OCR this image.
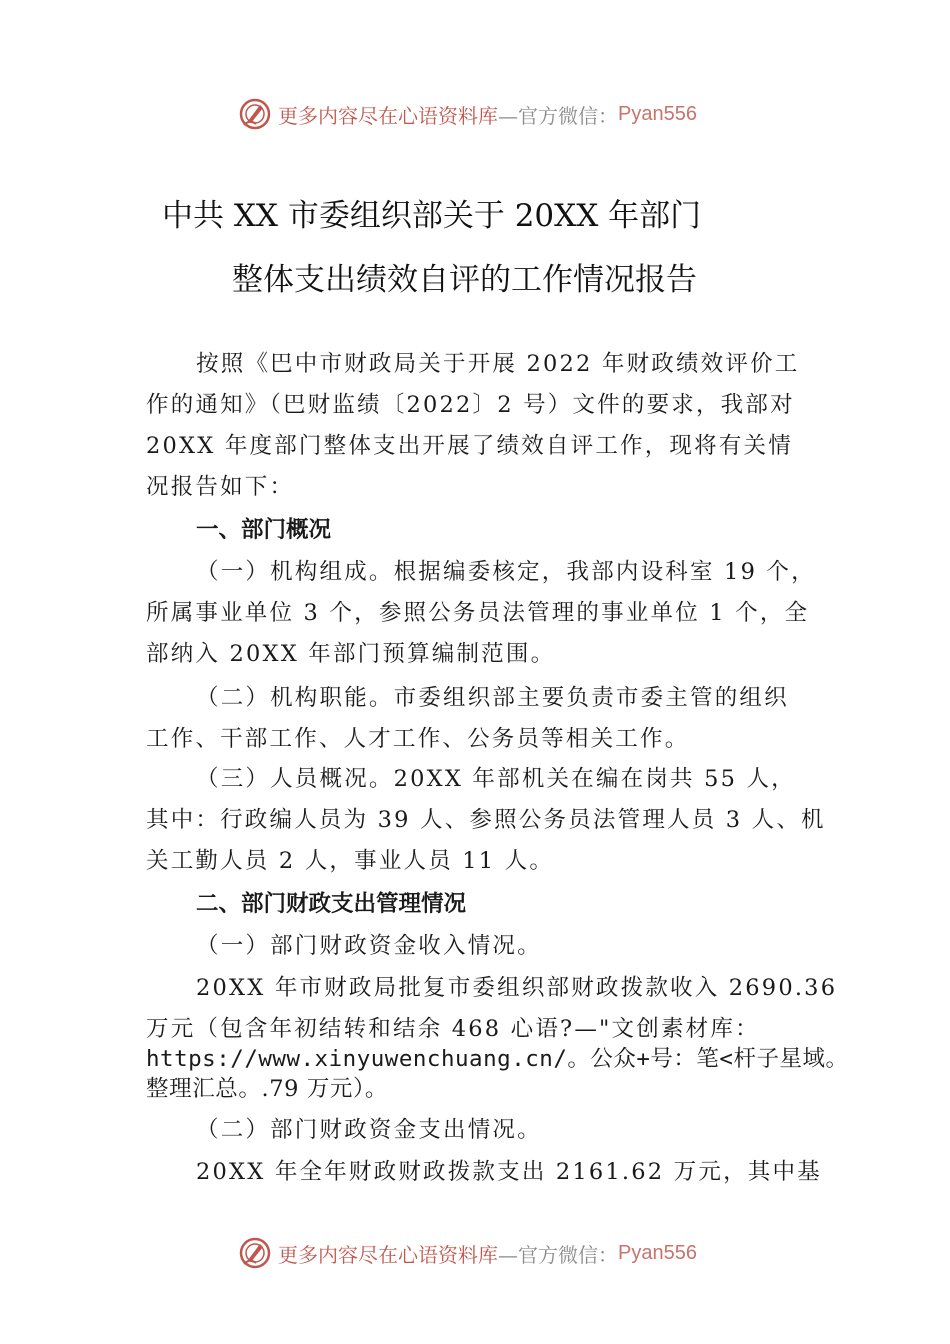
更多内容尽在心语资料库 —官方微信： Pyan556
中共 XX 市委组织部关于 20XX 年部门
整体支出绩效自评的工作情况报告

按照《巴中市财政局关于开展 2022 年财政绩效评价工
作的通知》（巴财监绩〔2022〕2 号）文件的要求，我部对
20XX 年度部门整体支出开展了绩效自评工作，现将有关情
况报告如下：

一、部门概况

（一）机构组成。根据编委核定，我部内设科室 19 个，
所属事业单位 3 个，参照公务员法管理的事业单位 1 个，全
部纳入 20XX 年部门预算编制范围。

（二）机构职能。市委组织部主要负责市委主管的组织
工作、干部工作、人才工作、公务员等相关工作。

（三）人员概况。20XX 年部机关在编在岗共 55 人，
其中：行政编人员为 39 人、参照公务员法管理人员 3 人、机
关工勤人员 2 人，事业人员 11 人。

二、部门财政支出管理情况

（一）部门财政资金收入情况。

20XX 年市财政局批复市委组织部财政拨款收入 2690.36
万元（包含年初结转和结余 468 心语?—"文创素材库：

https://www.xinyuwenchuang.cn/。公众+号：笔<杆子星域。
整理汇总。.79 万元）。

（二）部门财政资金支出情况。

20XX 年全年财政财政拨款支出 2161.62 万元，其中基

更多内容尽在心语资料库 —官方微信： Pyan556
